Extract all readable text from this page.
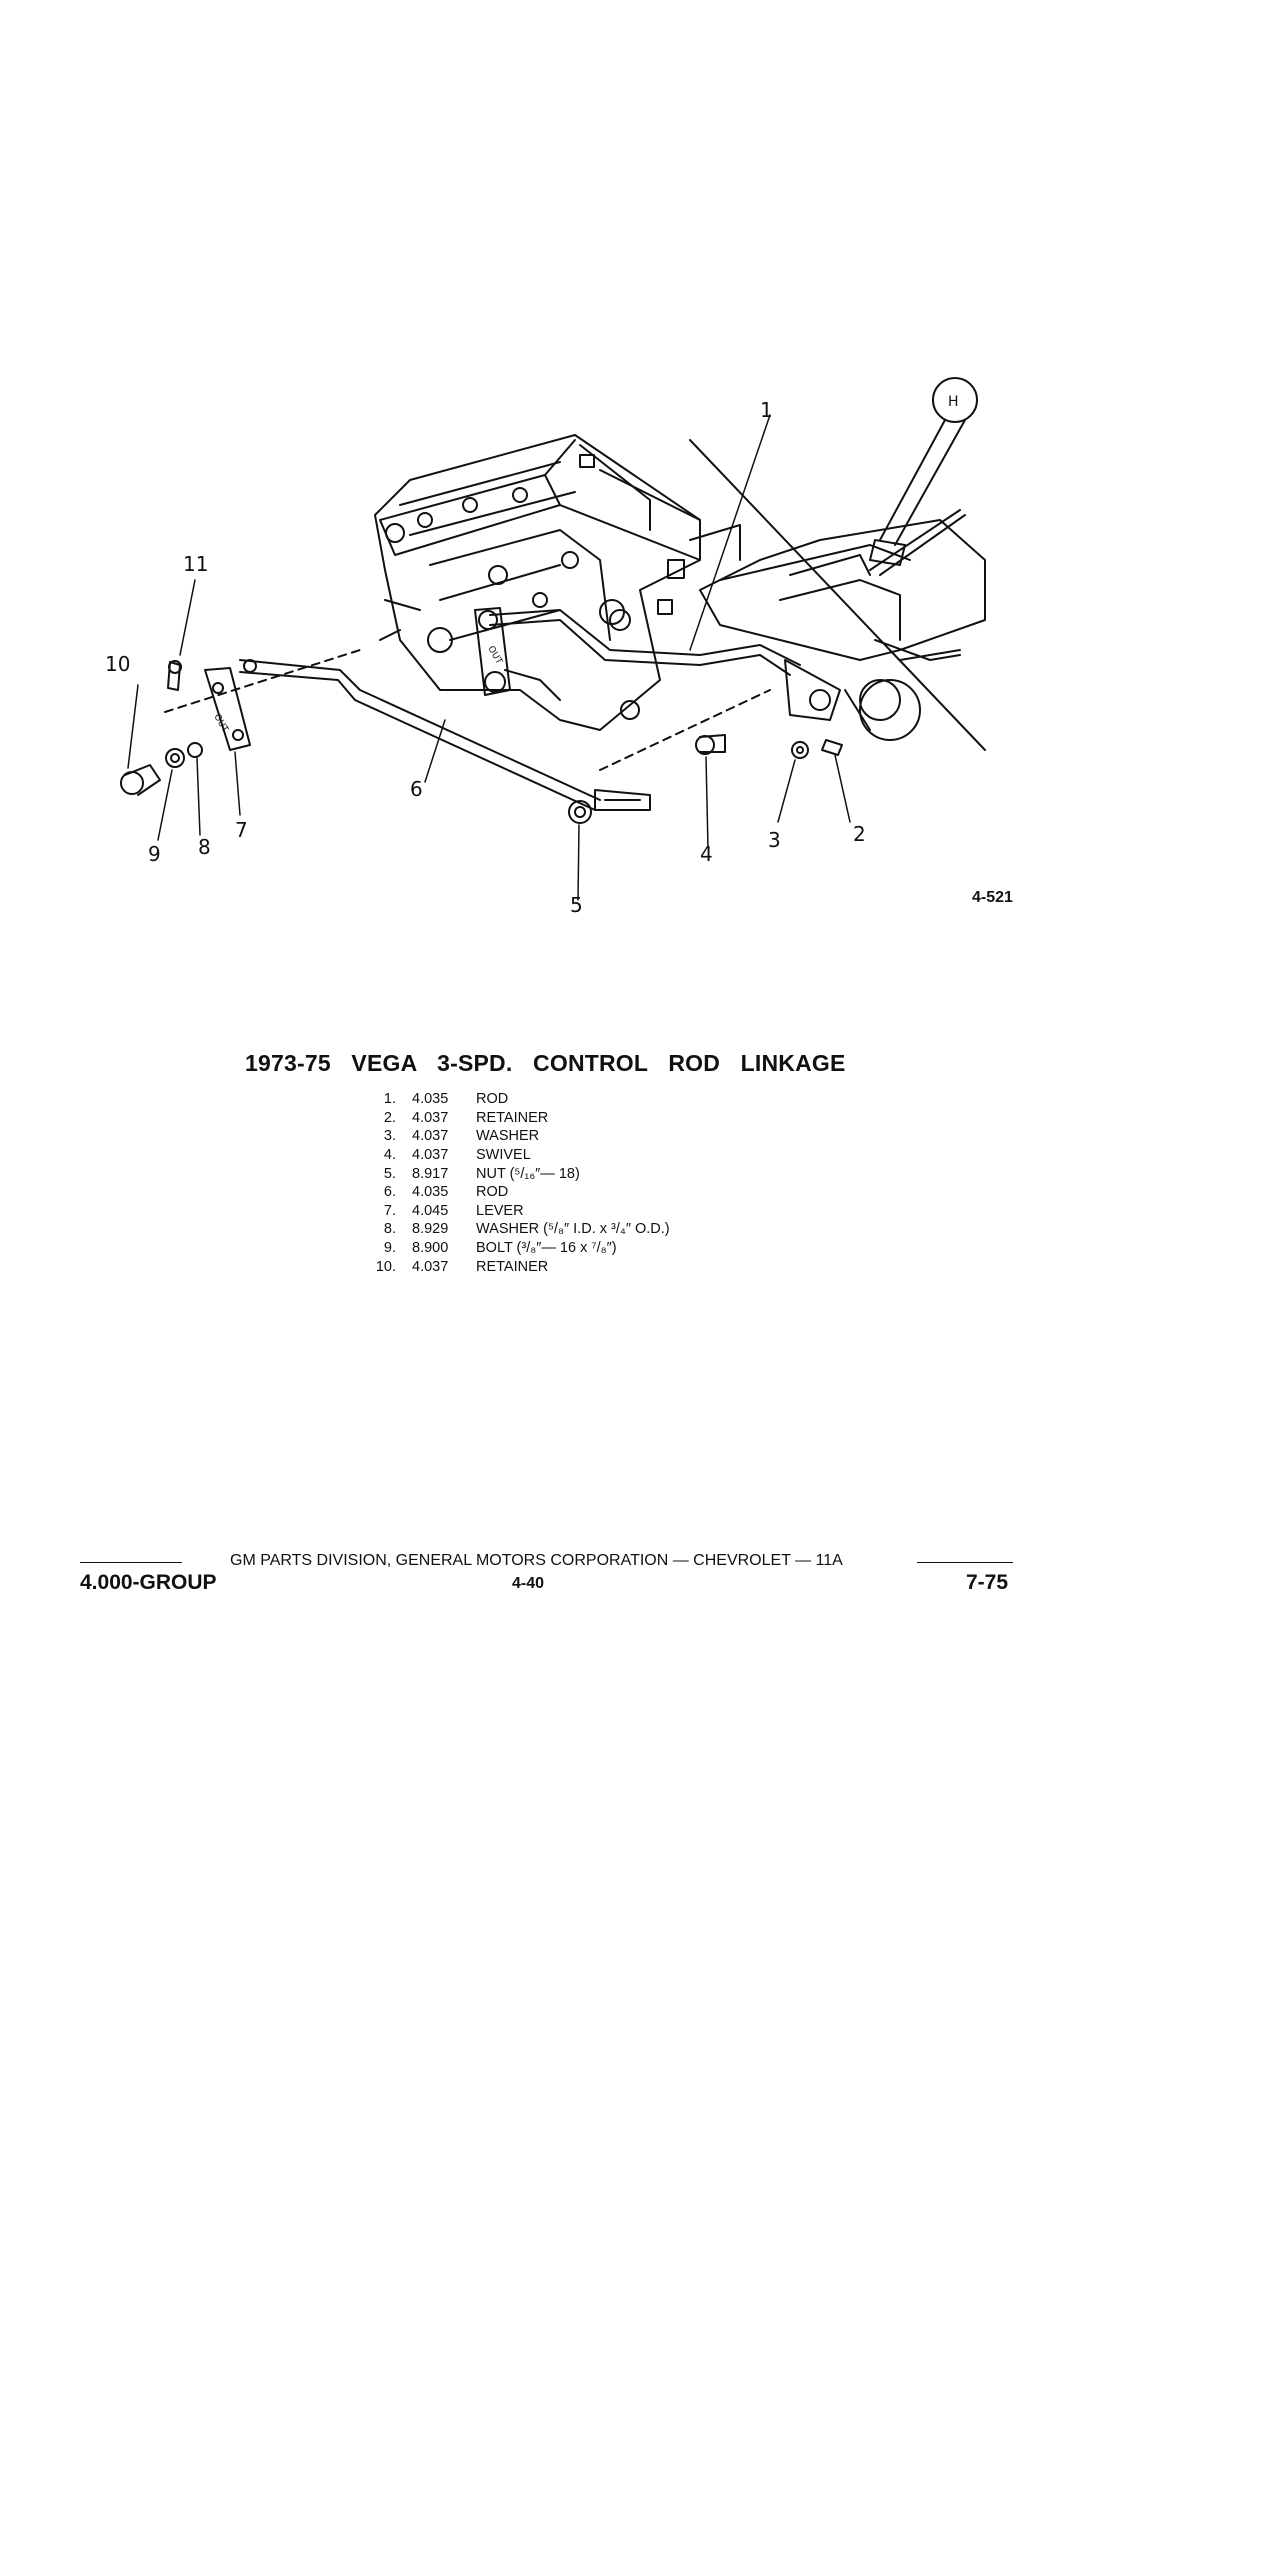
H
OUT
OUT
1
2
3
4
5
6
7
8
9
10
11
4-521
1973-75 VEGA 3-SPD. CONTROL ROD LINKAGE
1.	4.035	ROD
2.	4.037	RETAINER
3.	4.037	WASHER
4.	4.037	SWIVEL
5.	8.917	NUT (⁵/₁₆″— 18)
6.	4.035	ROD
7.	4.045	LEVER
8.	8.929	WASHER (⁵/₈″ I.D. x ³/₄″ O.D.)
9.	8.900	BOLT (³/₈″— 16 x ⁷/₈″)
10.	4.037	RETAINER
GM PARTS DIVISION, GENERAL MOTORS CORPORATION — CHEVROLET — 11A
4.000-GROUP	4-40	7-75
